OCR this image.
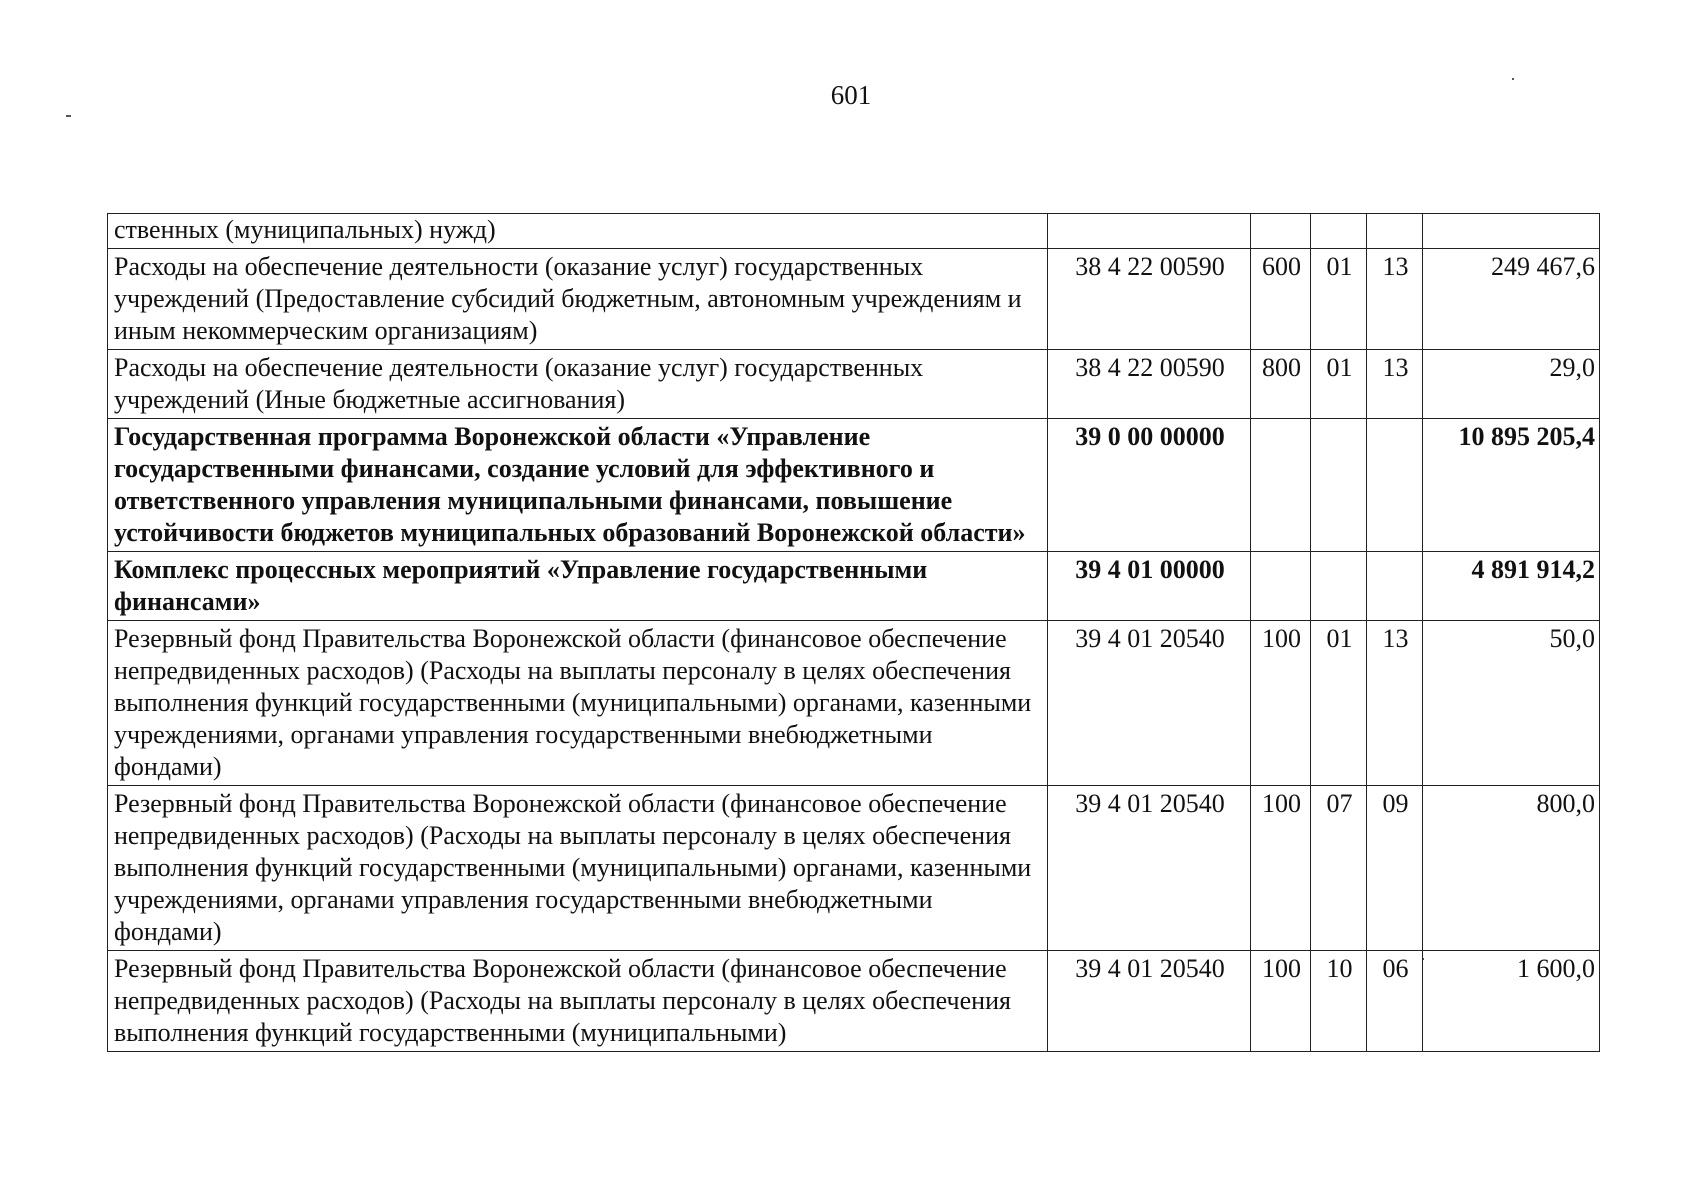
601
ственных (муниципальных) нужд)					
Расходы на обеспечение деятельности (оказание услуг) государственных учреждений (Предоставление субсидий бюджетным, автономным учреждениям и иным некоммерческим организациям)	38 4 22 00590	600	01	13	249 467,6
Расходы на обеспечение деятельности (оказание услуг) государственных учреждений (Иные бюджетные ассигнования)	38 4 22 00590	800	01	13	29,0
Государственная программа Воронежской области «Управление государственными финансами, создание условий для эффективного и ответственного управления муниципальными финансами, повышение устойчивости бюджетов муниципальных образований Воронежской области»	39 0 00 00000				10 895 205,4
Комплекс процессных мероприятий «Управление государственными финансами»	39 4 01 00000				4 891 914,2
Резервный фонд Правительства Воронежской области (финансовое обеспечение непредвиденных расходов) (Расходы на выплаты персоналу в целях обеспечения выполнения функций государственными (муниципальными) органами, казенными учреждениями, органами управления государственными внебюджетными фондами)	39 4 01 20540	100	01	13	50,0
Резервный фонд Правительства Воронежской области (финансовое обеспечение непредвиденных расходов) (Расходы на выплаты персоналу в целях обеспечения выполнения функций государственными (муниципальными) органами, казенными учреждениями, органами управления государственными внебюджетными фондами)	39 4 01 20540	100	07	09	800,0
Резервный фонд Правительства Воронежской области (финансовое обеспечение непредвиденных расходов) (Расходы на выплаты персоналу в целях обеспечения выполнения функций государственными (муниципальными)	39 4 01 20540	100	10	06	1 600,0
